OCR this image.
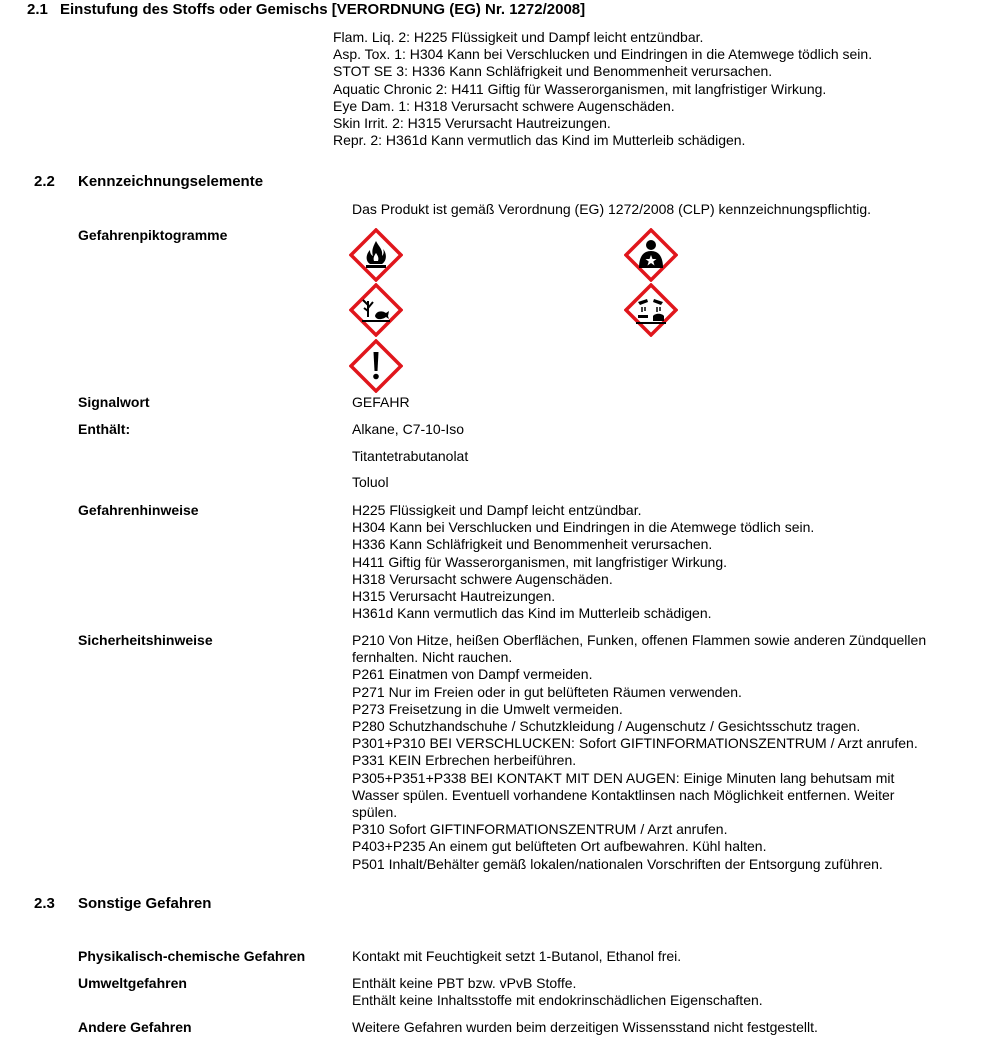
2.1 Einstufung des Stoffs oder Gemischs [VERORDNUNG (EG) Nr. 1272/2008]
Flam. Liq. 2: H225 Flüssigkeit und Dampf leicht entzündbar.
Asp. Tox. 1: H304 Kann bei Verschlucken und Eindringen in die Atemwege tödlich sein.
STOT SE 3: H336 Kann Schläfrigkeit und Benommenheit verursachen.
Aquatic Chronic 2: H411 Giftig für Wasserorganismen, mit langfristiger Wirkung.
Eye Dam. 1: H318 Verursacht schwere Augenschäden.
Skin Irrit. 2: H315 Verursacht Hautreizungen.
Repr. 2: H361d Kann vermutlich das Kind im Mutterleib schädigen.
2.2 Kennzeichnungselemente
Das Produkt ist gemäß Verordnung (EG) 1272/2008 (CLP) kennzeichnungspflichtig.
Gefahrenpiktogramme
Signalwort	GEFAHR
Enthält:	Alkane, C7-10-Iso
Titantetrabutanolat
Toluol
Gefahrenhinweise	H225 Flüssigkeit und Dampf leicht entzündbar.
H304 Kann bei Verschlucken und Eindringen in die Atemwege tödlich sein.
H336 Kann Schläfrigkeit und Benommenheit verursachen.
H411 Giftig für Wasserorganismen, mit langfristiger Wirkung.
H318 Verursacht schwere Augenschäden.
H315 Verursacht Hautreizungen.
H361d Kann vermutlich das Kind im Mutterleib schädigen.
Sicherheitshinweise	P210 Von Hitze, heißen Oberflächen, Funken, offenen Flammen sowie anderen Zündquellen
fernhalten. Nicht rauchen.
P261 Einatmen von Dampf vermeiden.
P271 Nur im Freien oder in gut belüfteten Räumen verwenden.
P273 Freisetzung in die Umwelt vermeiden.
P280 Schutzhandschuhe / Schutzkleidung / Augenschutz / Gesichtsschutz tragen.
P301+P310 BEI VERSCHLUCKEN: Sofort GIFTINFORMATIONSZENTRUM / Arzt anrufen.
P331 KEIN Erbrechen herbeiführen.
P305+P351+P338 BEI KONTAKT MIT DEN AUGEN: Einige Minuten lang behutsam mit
Wasser spülen. Eventuell vorhandene Kontaktlinsen nach Möglichkeit entfernen. Weiter
spülen.
P310 Sofort GIFTINFORMATIONSZENTRUM / Arzt anrufen.
P403+P235 An einem gut belüfteten Ort aufbewahren. Kühl halten.
P501 Inhalt/Behälter gemäß lokalen/nationalen Vorschriften der Entsorgung zuführen.
2.3 Sonstige Gefahren
Physikalisch-chemische Gefahren	Kontakt mit Feuchtigkeit setzt 1-Butanol, Ethanol frei.
Umweltgefahren	Enthält keine PBT bzw. vPvB Stoffe.
Enthält keine Inhaltsstoffe mit endokrinschädlichen Eigenschaften.
Andere Gefahren	Weitere Gefahren wurden beim derzeitigen Wissensstand nicht festgestellt.
